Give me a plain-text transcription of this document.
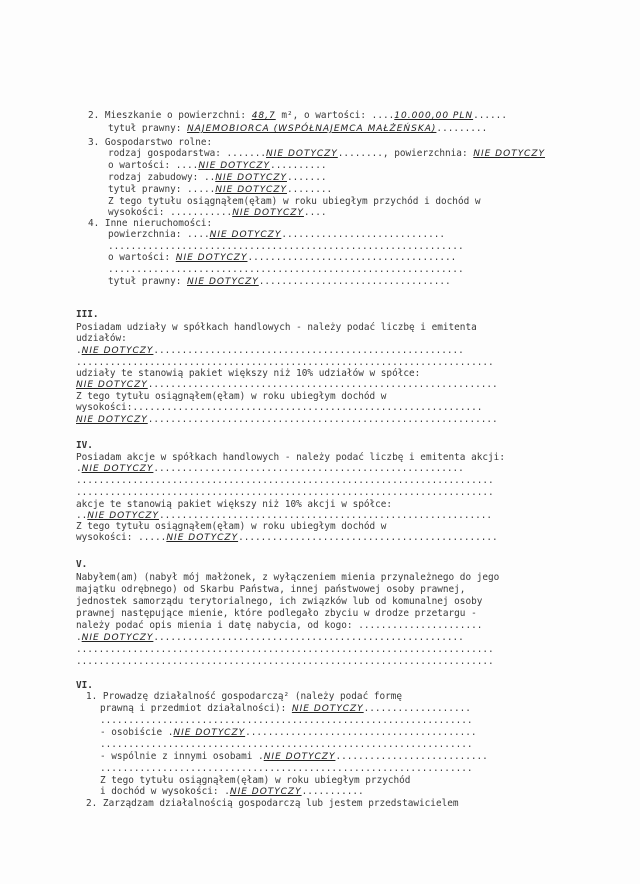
2. Mieszkanie o powierzchni: 48,7 m², o wartości: ....10.000,00 PLN......
tytuł prawny: NAJEMOBIORCA (WSPÓŁNAJEMCA MAŁŻEŃSKA).........
3. Gospodarstwo rolne:
rodzaj gospodarstwa: .......NIE DOTYCZY........, powierzchnia: NIE DOTYCZY
o wartości: ....NIE DOTYCZY..........
rodzaj zabudowy: ..NIE DOTYCZY.......
tytuł prawny: .....NIE DOTYCZY........
Z tego tytułu osiągnąłem(ęłam) w roku ubiegłym przychód i dochód w
wysokości: ...........NIE DOTYCZY....
4. Inne nieruchomości:
powierzchnia: ....NIE DOTYCZY.............................
...............................................................
o wartości: NIE DOTYCZY.....................................
...............................................................
tytuł prawny: NIE DOTYCZY..................................
III.
Posiadam udziały w spółkach handlowych - należy podać liczbę i emitenta
udziałów:
.NIE DOTYCZY.......................................................
..........................................................................
udziały te stanowią pakiet większy niż 10% udziałów w spółce:
NIE DOTYCZY..............................................................
Z tego tytułu osiągnąłem(ęłam) w roku ubiegłym dochód w
wysokości:..............................................................
NIE DOTYCZY..............................................................
IV.
Posiadam akcje w spółkach handlowych - należy podać liczbę i emitenta akcji:
.NIE DOTYCZY.......................................................
..........................................................................
..........................................................................
akcje te stanowią pakiet większy niż 10% akcji w spółce:
..NIE DOTYCZY...........................................................
Z tego tytułu osiągnąłem(ęłam) w roku ubiegłym dochód w
wysokości: .....NIE DOTYCZY..............................................
V.
Nabyłem(am) (nabył mój małżonek, z wyłączeniem mienia przynależnego do jego
majątku odrębnego) od Skarbu Państwa, innej państwowej osoby prawnej,
jednostek samorządu terytorialnego, ich związków lub od komunalnej osoby
prawnej następujące mienie, które podlegało zbyciu w drodze przetargu -
należy podać opis mienia i datę nabycia, od kogo: ......................
.NIE DOTYCZY.......................................................
..........................................................................
..........................................................................
VI.
1. Prowadzę działalność gospodarczą² (należy podać formę
prawną i przedmiot działalności): NIE DOTYCZY...................
..................................................................
- osobiście .NIE DOTYCZY.........................................
..................................................................
- wspólnie z innymi osobami .NIE DOTYCZY...........................
..................................................................
Z tego tytułu osiągnąłem(ęłam) w roku ubiegłym przychód
i dochód w wysokości: .NIE DOTYCZY...........
2. Zarządzam działalnością gospodarczą lub jestem przedstawicielem
